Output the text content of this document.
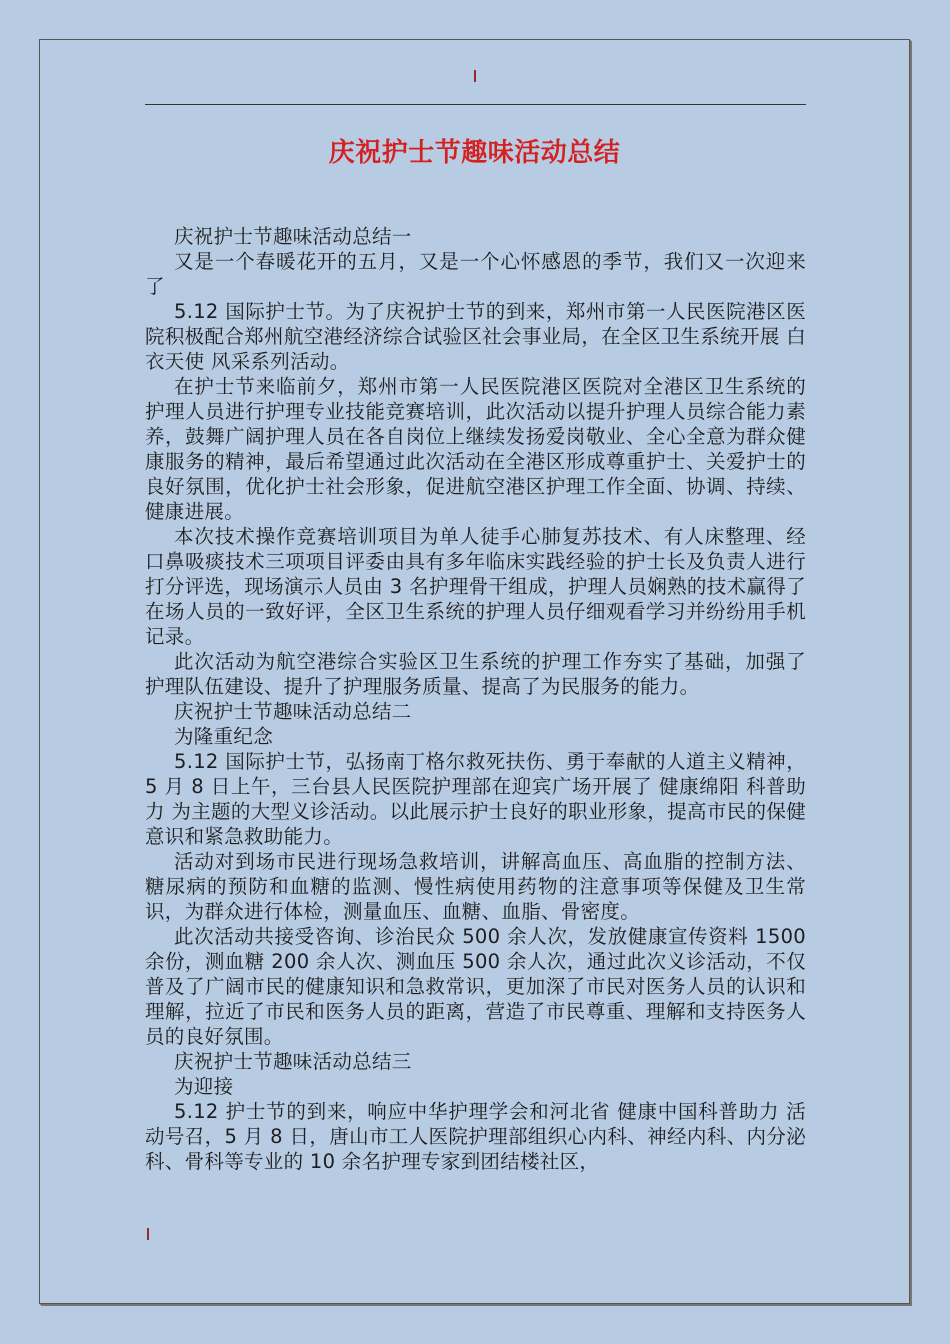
庆祝护士节趣味活动总结

庆祝护士节趣味活动总结一

又是一个春暖花开的五月，又是一个心怀感恩的季节，我们又一次迎来了

5.12 国际护士节。为了庆祝护士节的到来，郑州市第一人民医院港区医院积极配合郑州航空港经济综合试验区社会事业局，在全区卫生系统开展 白衣天使 风采系列活动。

在护士节来临前夕，郑州市第一人民医院港区医院对全港区卫生系统的护理人员进行护理专业技能竞赛培训，此次活动以提升护理人员综合能力素养，鼓舞广阔护理人员在各自岗位上继续发扬爱岗敬业、全心全意为群众健康服务的精神，最后希望通过此次活动在全港区形成尊重护士、关爱护士的良好氛围，优化护士社会形象，促进航空港区护理工作全面、协调、持续、健康进展。

本次技术操作竞赛培训项目为单人徒手心肺复苏技术、有人床整理、经口鼻吸痰技术三项项目评委由具有多年临床实践经验的护士长及负责人进行打分评选，现场演示人员由 3 名护理骨干组成，护理人员娴熟的技术赢得了在场人员的一致好评，全区卫生系统的护理人员仔细观看学习并纷纷用手机记录。

此次活动为航空港综合实验区卫生系统的护理工作夯实了基础，加强了护理队伍建设、提升了护理服务质量、提高了为民服务的能力。

庆祝护士节趣味活动总结二

为隆重纪念

5.12 国际护士节，弘扬南丁格尔救死扶伤、勇于奉献的人道主义精神，5 月 8 日上午，三台县人民医院护理部在迎宾广场开展了 健康绵阳 科普助力 为主题的大型义诊活动。以此展示护士良好的职业形象，提高市民的保健意识和紧急救助能力。

活动对到场市民进行现场急救培训，讲解高血压、高血脂的控制方法、糖尿病的预防和血糖的监测、慢性病使用药物的注意事项等保健及卫生常识，为群众进行体检，测量血压、血糖、血脂、骨密度。

此次活动共接受咨询、诊治民众 500 余人次，发放健康宣传资料 1500 余份，测血糖 200 余人次、测血压 500 余人次，通过此次义诊活动，不仅普及了广阔市民的健康知识和急救常识，更加深了市民对医务人员的认识和理解，拉近了市民和医务人员的距离，营造了市民尊重、理解和支持医务人员的良好氛围。

庆祝护士节趣味活动总结三

为迎接

5.12 护士节的到来，响应中华护理学会和河北省 健康中国科普助力 活动号召，5 月 8 日，唐山市工人医院护理部组织心内科、神经内科、内分泌科、骨科等专业的 10 余名护理专家到团结楼社区，
